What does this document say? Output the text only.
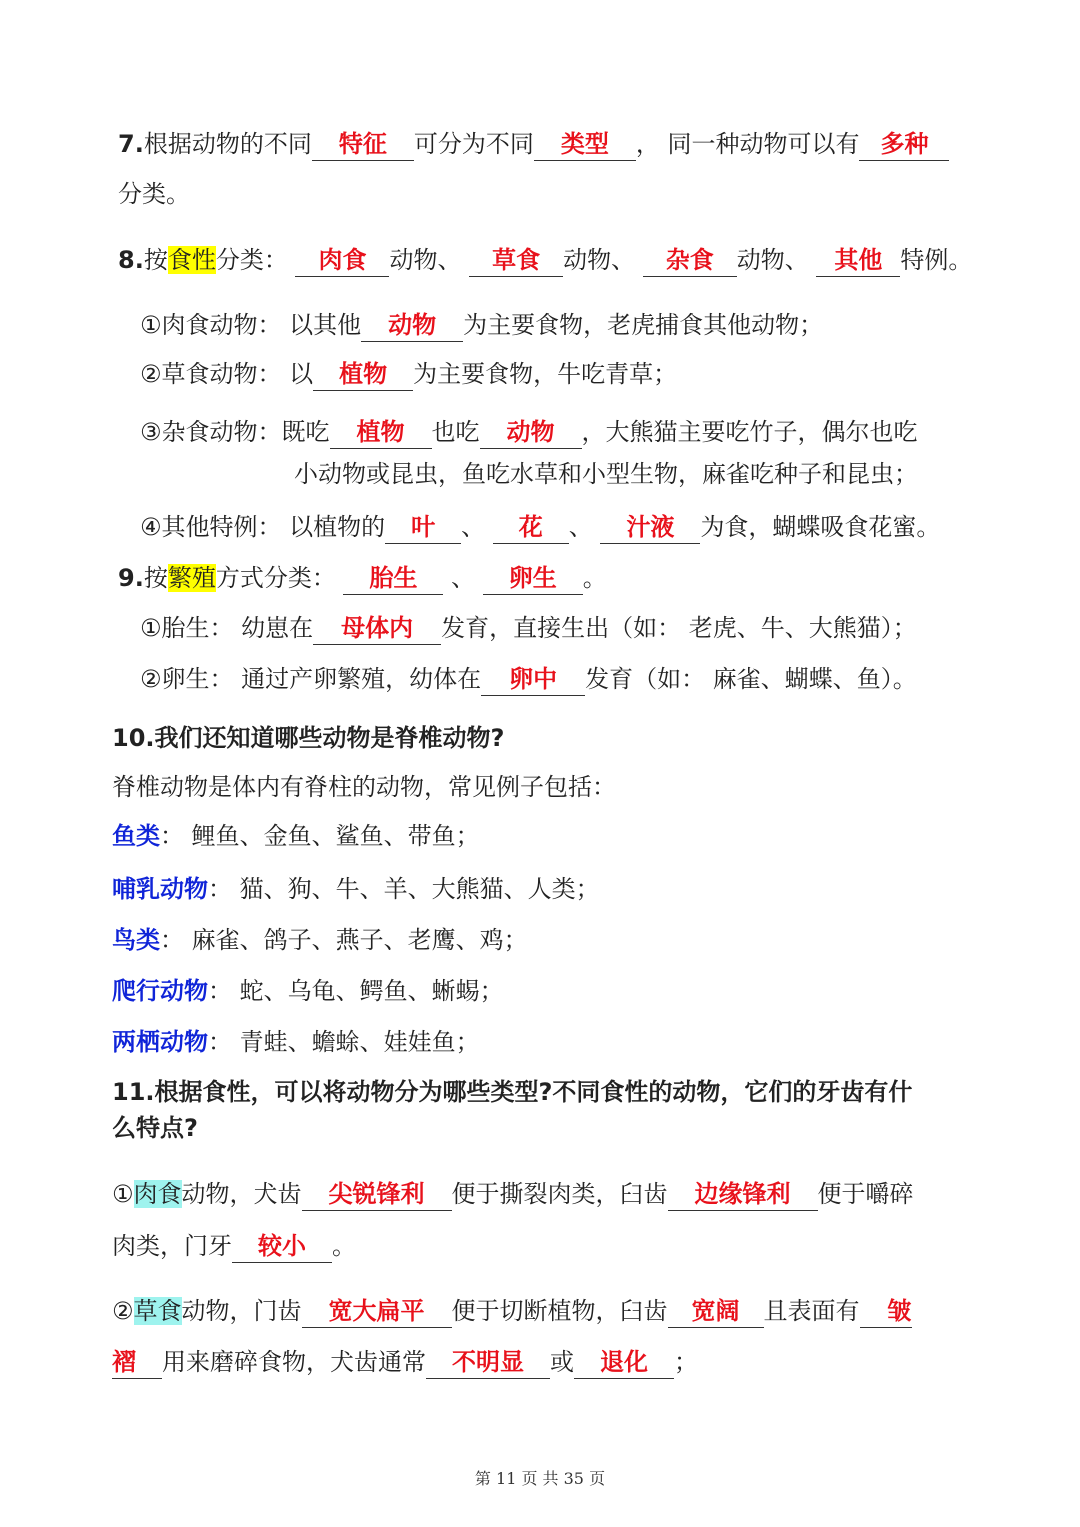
7.根据动物的不同 特征 可分为不同 类型 ， 同一种动物可以有 多种
分类。
8.按食性分类： 肉食 动物、 草食 动物、 杂食 动物、 其他 特例。
①肉食动物： 以其他 动物 为主要食物，老虎捕食其他动物；
②草食动物： 以 植物 为主要食物，牛吃青草；
③杂食动物：既吃 植物 也吃 动物 ，大熊猫主要吃竹子，偶尔也吃
小动物或昆虫，鱼吃水草和小型生物，麻雀吃种子和昆虫；
④其他特例： 以植物的 叶 、 花 、 汁液 为食，蝴蝶吸食花蜜。
9.按繁殖方式分类： 胎生 、 卵生 。
①胎生： 幼崽在 母体内 发育，直接生出（如： 老虎、牛、大熊猫）；
②卵生： 通过产卵繁殖，幼体在 卵中 发育（如： 麻雀、蝴蝶、鱼）。
10.我们还知道哪些动物是脊椎动物?
脊椎动物是体内有脊柱的动物，常见例子包括：
鱼类： 鲤鱼、金鱼、鲨鱼、带鱼；
哺乳动物： 猫、狗、牛、羊、大熊猫、人类；
鸟类： 麻雀、鸽子、燕子、老鹰、鸡；
爬行动物： 蛇、乌龟、鳄鱼、蜥蜴；
两栖动物： 青蛙、蟾蜍、娃娃鱼；
11.根据食性，可以将动物分为哪些类型?不同食性的动物，它们的牙齿有什
么特点?
①肉食动物，犬齿 尖锐锋利 便于撕裂肉类，臼齿 边缘锋利 便于嚼碎
肉类，门牙 较小 。
②草食动物，门齿 宽大扁平 便于切断植物，臼齿 宽阔 且表面有 皱
褶 用来磨碎食物，犬齿通常 不明显 或 退化 ；
第 11 页 共 35 页
